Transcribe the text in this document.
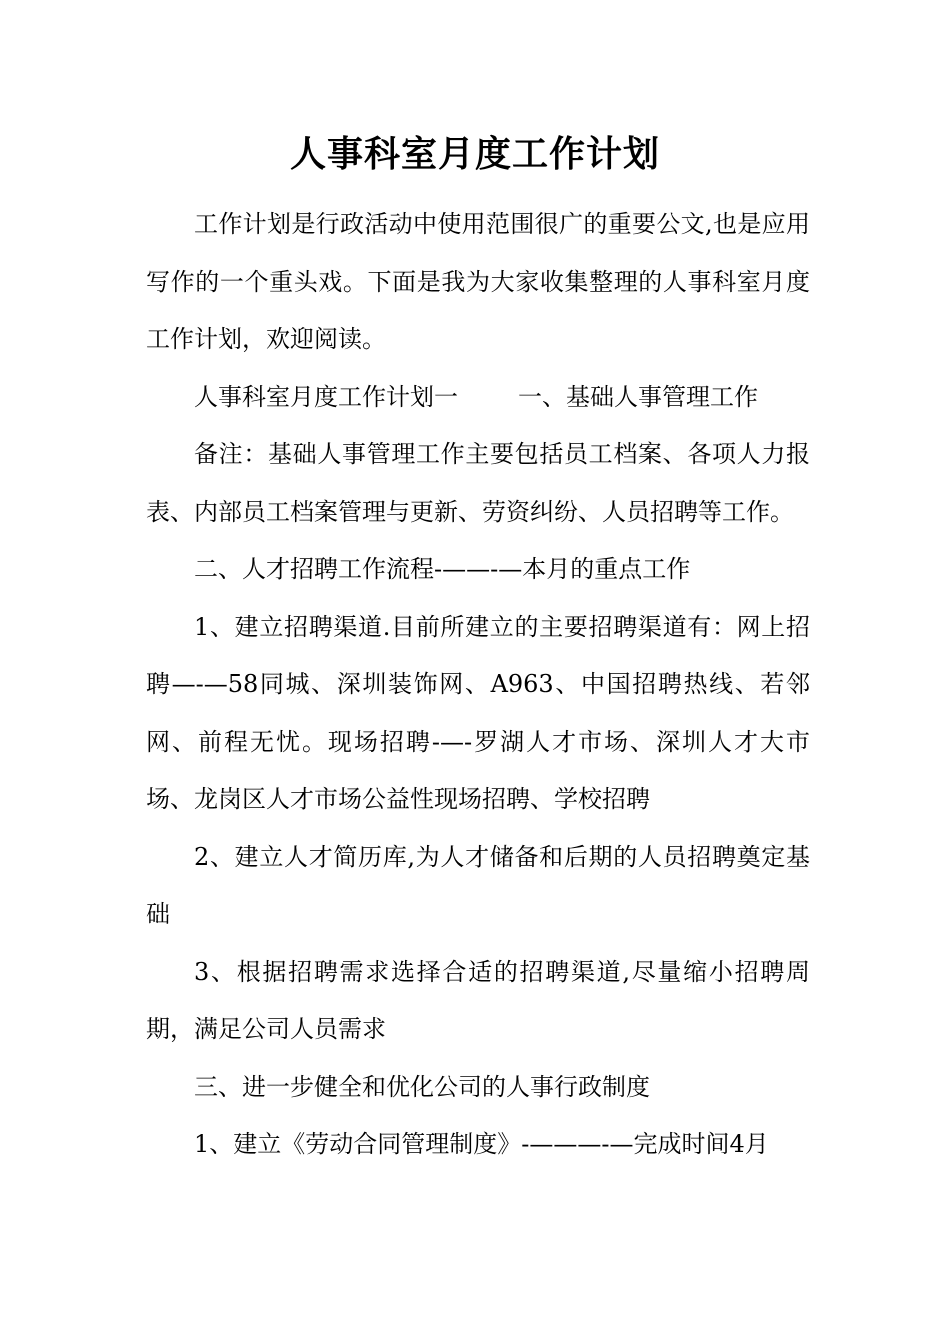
人事科室月度工作计划

工作计划是行政活动中使用范围很广的重要公文,也是应用写作的一个重头戏。下面是我为大家收集整理的人事科室月度工作计划，欢迎阅读。

人事科室月度工作计划一	一、基础人事管理工作

备注：基础人事管理工作主要包括员工档案、各项人力报表、内部员工档案管理与更新、劳资纠纷、人员招聘等工作。

二、人才招聘工作流程-——-—本月的重点工作

1、建立招聘渠道.目前所建立的主要招聘渠道有：网上招聘—-—58同城、深圳装饰网、A963、中国招聘热线、若邻网、前程无忧。现场招聘-—-罗湖人才市场、深圳人才大市场、龙岗区人才市场公益性现场招聘、学校招聘

2、建立人才简历库,为人才储备和后期的人员招聘奠定基础

3、根据招聘需求选择合适的招聘渠道,尽量缩小招聘周期，满足公司人员需求

三、进一步健全和优化公司的人事行政制度

1、建立《劳动合同管理制度》-———-—完成时间4月
